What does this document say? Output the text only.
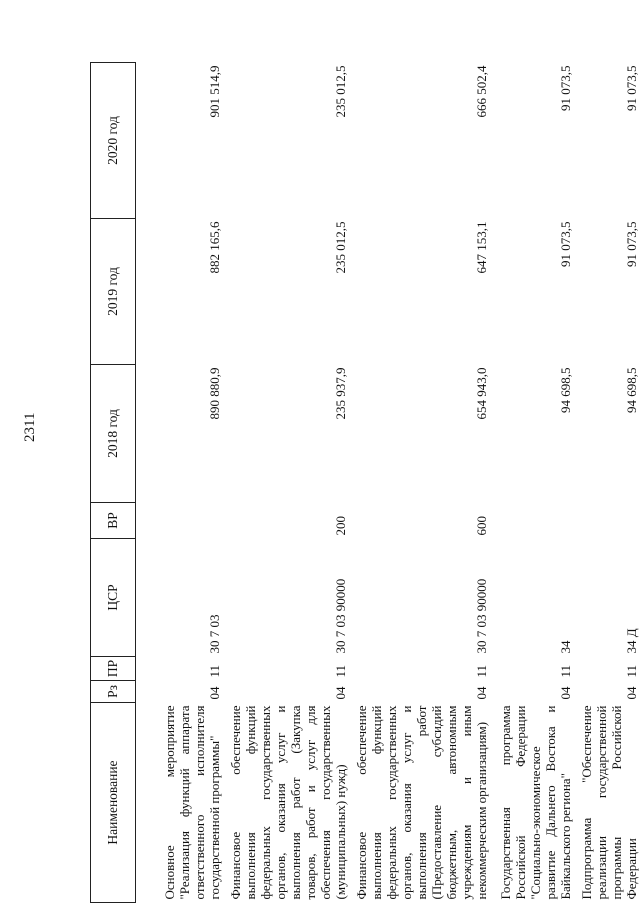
2311
Наименование	Рз	ПР	ЦСР	ВР	2018 год	2019 год	2020 год
Основное мероприятие "Реализация функций аппарата ответственного исполнителя государственной программы"	04	11	30 7 03		890 880,9	882 165,6	901 514,9
Финансовое обеспечение выполнения функций федеральных государственных органов, оказания услуг и выполнения работ (Закупка товаров, работ и услуг для обеспечения государственных (муниципальных) нужд)	04	11	30 7 03 90000	200	235 937,9	235 012,5	235 012,5
Финансовое обеспечение выполнения функций федеральных государственных органов, оказания услуг и выполнения работ (Предоставление субсидий бюджетным, автономным учреждениям и иным некоммерческим организациям)	04	11	30 7 03 90000	600	654 943,0	647 153,1	666 502,4
Государственная программа Российской Федерации "Социально-экономическое развитие Дальнего Востока и Байкальского региона"	04	11	34		94 698,5	91 073,5	91 073,5
Подпрограмма "Обеспечение реализации государственной программы Российской Федерации	04	11	34 Д		94 698,5	91 073,5	91 073,5
